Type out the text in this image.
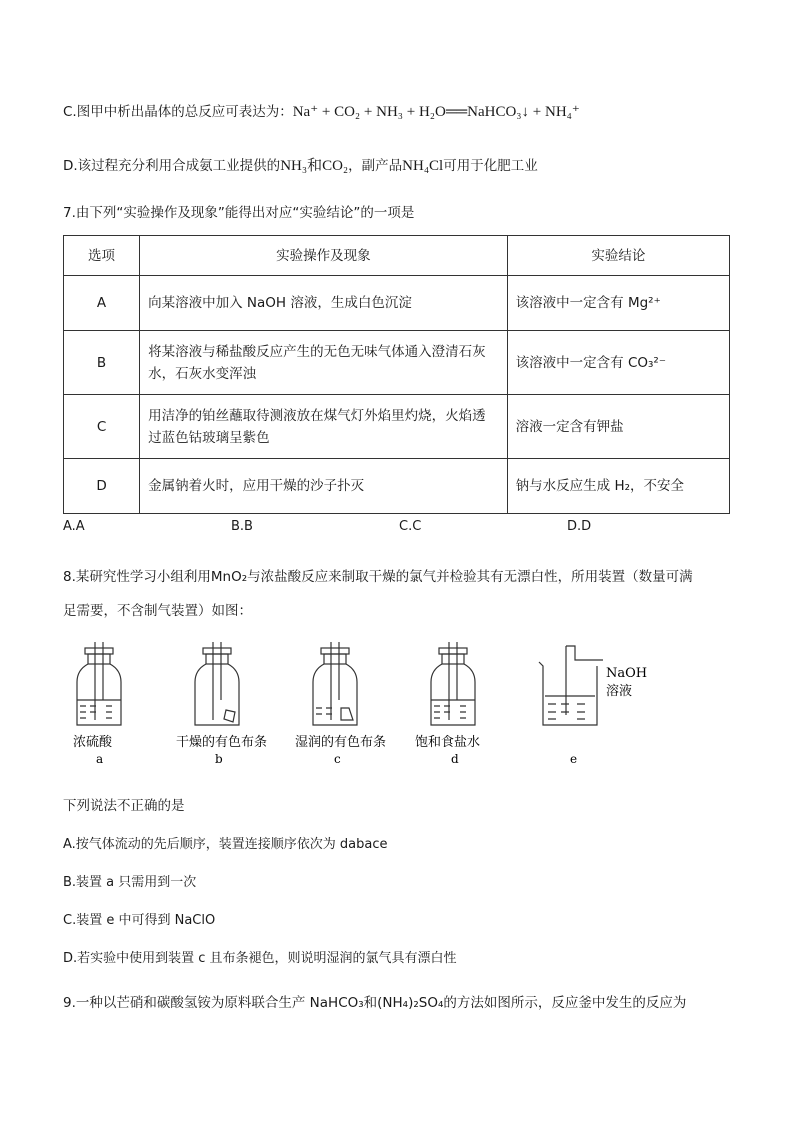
C.图甲中析出晶体的总反应可表达为：Na⁺ + CO₂ + NH₃ + H₂O══NaHCO₃↓ + NH₄⁺
D.该过程充分利用合成氨工业提供的NH₃和CO₂，副产品NH₄Cl可用于化肥工业
7.由下列“实验操作及现象”能得出对应“实验结论”的一项是
选项	实验操作及现象	实验结论
A	向某溶液中加入 NaOH 溶液，生成白色沉淀	该溶液中一定含有 Mg²⁺
B	将某溶液与稀盐酸反应产生的无色无味气体通入澄清石灰水，石灰水变浑浊	该溶液中一定含有 CO₃²⁻
C	用洁净的铂丝蘸取待测液放在煤气灯外焰里灼烧，火焰透过蓝色钴玻璃呈紫色	溶液一定含有钾盐
D	金属钠着火时，应用干燥的沙子扑灭	钠与水反应生成 H₂，不安全
A.A	B.B	C.C	D.D
8.某研究性学习小组利用MnO₂与浓盐酸反应来制取干燥的氯气并检验其有无漂白性，所用装置（数量可满
足需要，不含制气装置）如图：
NaOH
溶液
浓硫酸	干燥的有色布条 湿润的有色布条 饱和食盐水
a	b	c	d	e
下列说法不正确的是
A.按气体流动的先后顺序，装置连接顺序依次为 dabace
B.装置 a 只需用到一次
C.装置 e 中可得到 NaClO
D.若实验中使用到装置 c 且布条褪色，则说明湿润的氯气具有漂白性
9.一种以芒硝和碳酸氢铵为原料联合生产 NaHCO₃和(NH₄)₂SO₄的方法如图所示，反应釜中发生的反应为
